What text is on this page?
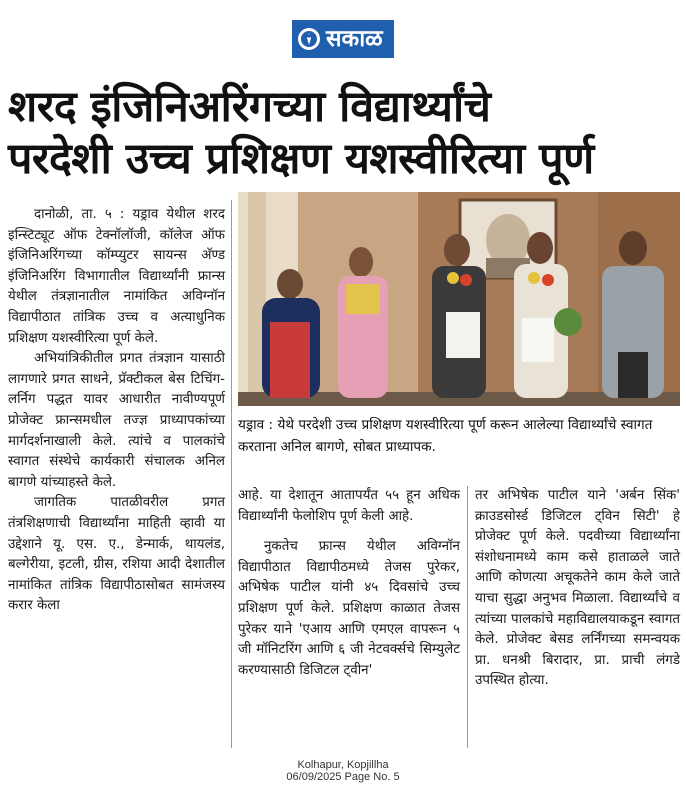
सकाळ
शरद इंजिनिअरिंगच्या विद्यार्थ्यांचे
परदेशी उच्च प्रशिक्षण यशस्वीरित्या पूर्ण

दानोळी, ता. ५ : यड्राव येथील शरद इन्स्टिट्यूट ऑफ टेक्नॉलॉजी, कॉलेज ऑफ इंजिनिअरिंगच्या कॉम्प्युटर सायन्स अ‍ॅण्ड इंजिनिअरिंग विभागातील विद्यार्थ्यांनी फ्रान्स येथील तंत्रज्ञानातील नामांकित अविग्नॉन विद्यापीठात तांत्रिक उच्च व अत्याधुनिक प्रशिक्षण यशस्वीरित्या पूर्ण केले.

अभियांत्रिकीतील प्रगत तंत्रज्ञान यासाठी लागणारे प्रगत साधने, प्रॅक्टीकल बेस टिचिंग-लर्निग पद्धत यावर आधारीत नावीण्यपूर्ण प्रोजेक्ट फ्रान्समधील तज्ज्ञ प्राध्यापकांच्या मार्गदर्शनाखाली केले. त्यांचे व पालकांचे स्वागत संस्थेचे कार्यकारी संचालक अनिल बागणे यांच्याहस्ते केले.

जागतिक पातळीवरील प्रगत तंत्रशिक्षणाची विद्यार्थ्यांना माहिती व्हावी या उद्देशाने यू. एस. ए., डेन्मार्क, थायलंड, बल्गेरीया, इटली, ग्रीस, रशिया आदी देशातील नामांकित तांत्रिक विद्यापीठासोबत सामंजस्य करार केला

यड्राव : येथे परदेशी उच्च प्रशिक्षण यशस्वीरित्या पूर्ण करून आलेल्या विद्यार्थ्यांचे स्वागत करताना अनिल बागणे, सोबत प्राध्यापक.

आहे. या देशातून आतापर्यंत ५५ हून अधिक विद्यार्थ्यांनी फेलोशिप पूर्ण केली आहे.

नुकतेच फ्रान्स येथील अविग्नॉन विद्यापीठात विद्यापीठमध्ये तेजस पुरेकर, अभिषेक पाटील यांनी ४५ दिवसांचे उच्च प्रशिक्षण पूर्ण केले. प्रशिक्षण काळात तेजस पुरेकर याने 'एआय आणि एमएल वापरून ५ जी मॉनिटरिंग आणि ६ जी नेटवर्क्सचे सिम्युलेट करण्यासाठी डिजिटल ट्वीन'

तर अभिषेक पाटील याने 'अर्बन सिंक' क्राउडसोर्स्ड डिजिटल ट्विन सिटी' हे प्रोजेक्ट पूर्ण केले. पदवीच्या विद्यार्थ्यांना संशोधनामध्ये काम कसे हाताळले जाते आणि कोणत्या अचूकतेने काम केले जाते याचा सुद्धा अनुभव मिळाला. विद्यार्थ्यांचे व त्यांच्या पालकांचे महाविद्यालयाकडून स्वागत केले. प्रोजेक्ट बेसड लर्निंगच्या समन्वयक प्रा. धनश्री बिरादार, प्रा. प्राची लंगडे उपस्थित होत्या.

Kolhapur, Kopjillha
06/09/2025 Page No. 5
